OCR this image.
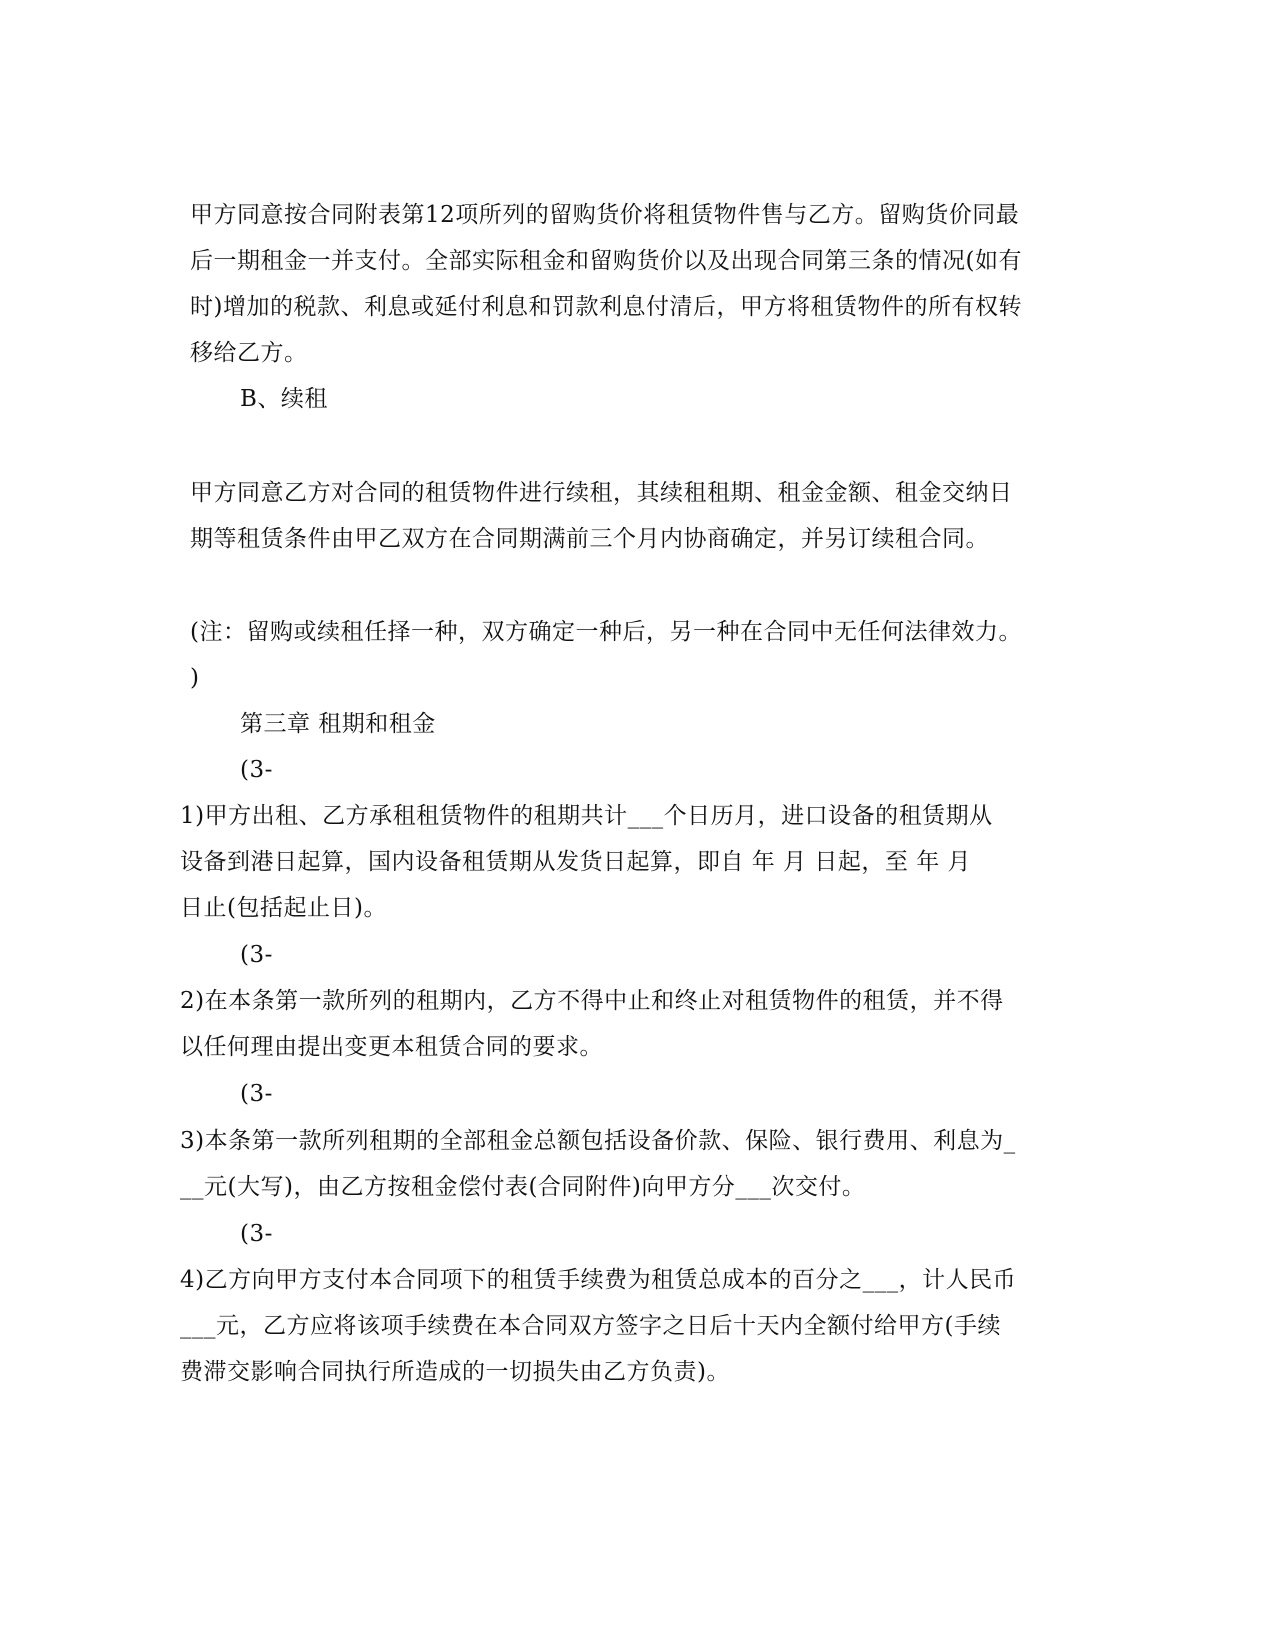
甲方同意按合同附表第12项所列的留购货价将租赁物件售与乙方。留购货价同最
后一期租金一并支付。全部实际租金和留购货价以及出现合同第三条的情况(如有
时)增加的税款、利息或延付利息和罚款利息付清后，甲方将租赁物件的所有权转
移给乙方。
B、续租
甲方同意乙方对合同的租赁物件进行续租，其续租租期、租金金额、租金交纳日
期等租赁条件由甲乙双方在合同期满前三个月内协商确定，并另订续租合同。
(注：留购或续租任择一种，双方确定一种后，另一种在合同中无任何法律效力。
)
第三章 租期和租金
(3-
1)甲方出租、乙方承租租赁物件的租期共计___个日历月，进口设备的租赁期从
设备到港日起算，国内设备租赁期从发货日起算，即自 年 月 日起，至 年 月
日止(包括起止日)。
(3-
2)在本条第一款所列的租期内，乙方不得中止和终止对租赁物件的租赁，并不得
以任何理由提出变更本租赁合同的要求。
(3-
3)本条第一款所列租期的全部租金总额包括设备价款、保险、银行费用、利息为_
__元(大写)，由乙方按租金偿付表(合同附件)向甲方分___次交付。
(3-
4)乙方向甲方支付本合同项下的租赁手续费为租赁总成本的百分之___，计人民币
___元，乙方应将该项手续费在本合同双方签字之日后十天内全额付给甲方(手续
费滞交影响合同执行所造成的一切损失由乙方负责)。
